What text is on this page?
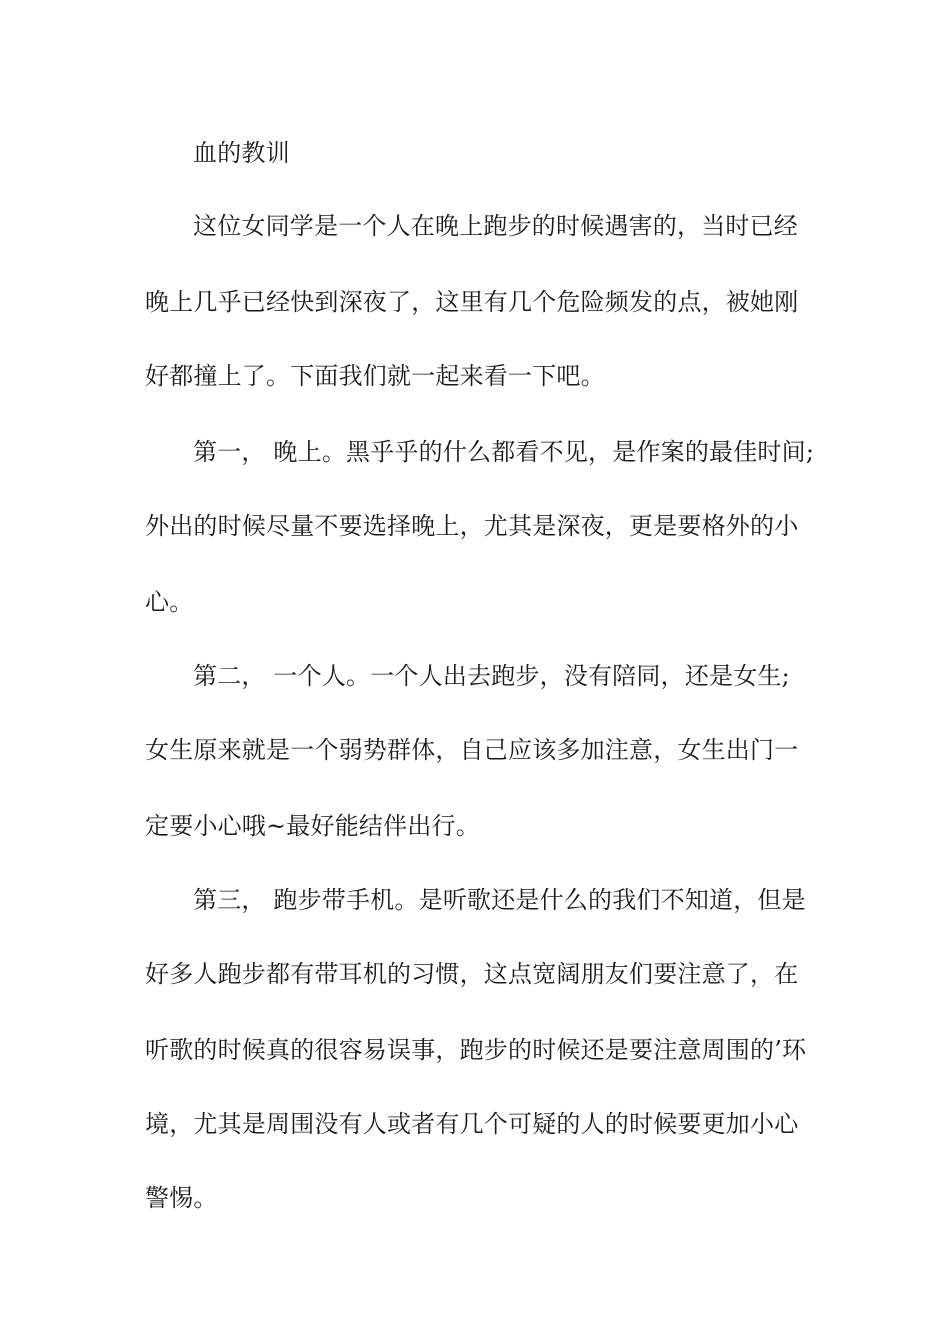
血的教训
这位女同学是一个人在晚上跑步的时候遇害的，当时已经
晚上几乎已经快到深夜了，这里有几个危险频发的点，被她刚
好都撞上了。下面我们就一起来看一下吧。
第一， 晚上。黑乎乎的什么都看不见，是作案的最佳时间;
外出的时候尽量不要选择晚上，尤其是深夜，更是要格外的小
心。
第二， 一个人。一个人出去跑步，没有陪同，还是女生;
女生原来就是一个弱势群体，自己应该多加注意，女生出门一
定要小心哦~最好能结伴出行。
第三， 跑步带手机。是听歌还是什么的我们不知道，但是
好多人跑步都有带耳机的习惯，这点宽阔朋友们要注意了，在
听歌的时候真的很容易误事，跑步的时候还是要注意周围的’环
境，尤其是周围没有人或者有几个可疑的人的时候要更加小心
警惕。
